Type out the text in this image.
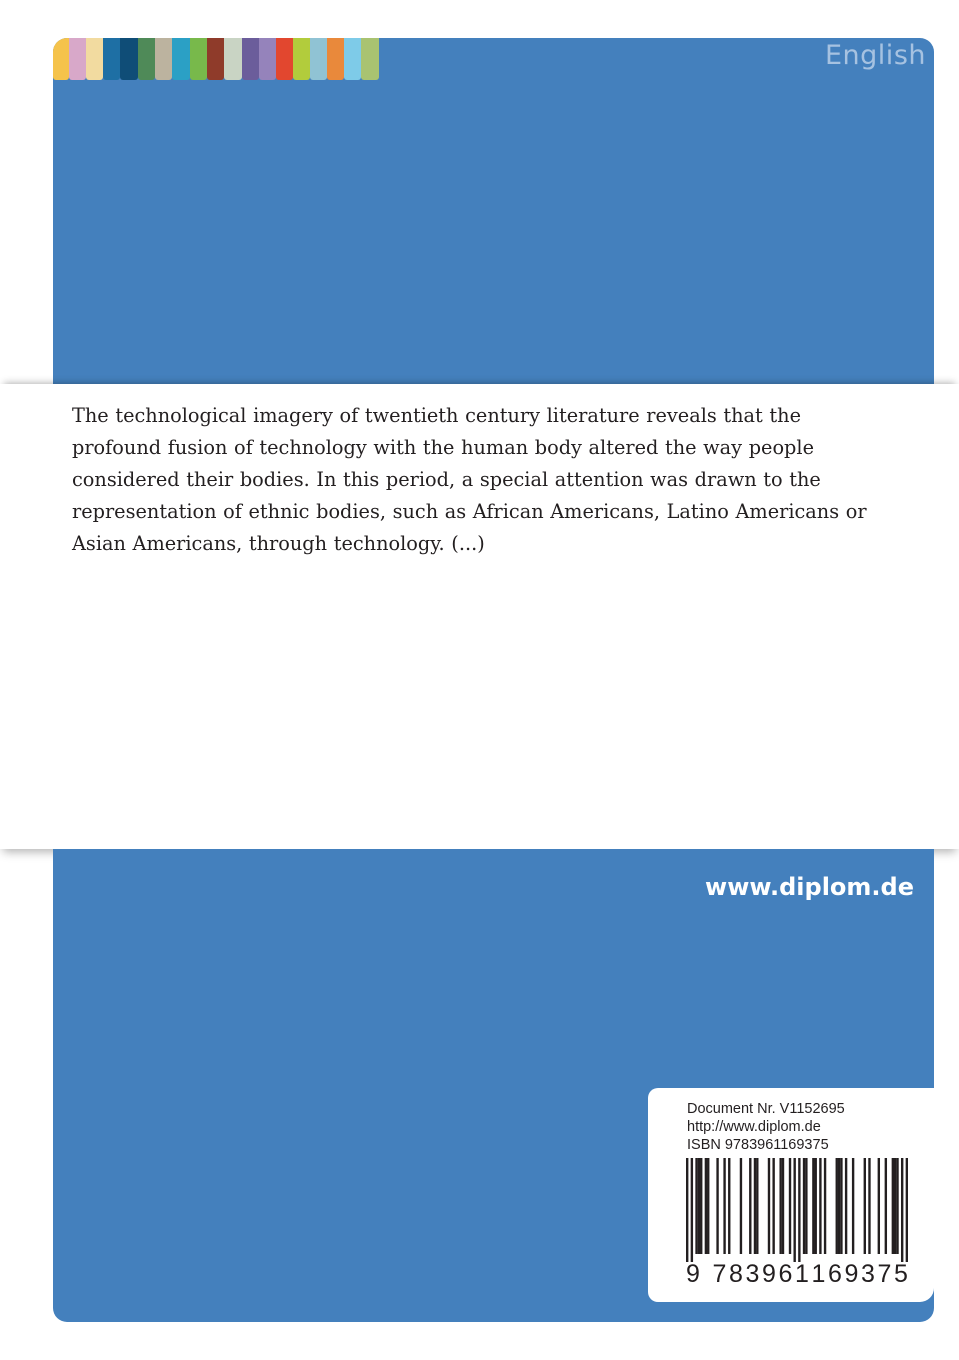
English

The technological imagery of twentieth century literature reveals that the profound fusion of technology with the human body altered the way people considered their bodies. In this period, a special attention was drawn to the representation of ethnic bodies, such as African Americans, Latino Americans or Asian Americans, through technology. (...)

www.diplom.de
Document Nr. V1152695
http://www.diplom.de
ISBN 9783961169375
9 7 8 3 9 6 1 1 6 9 3 7 5
